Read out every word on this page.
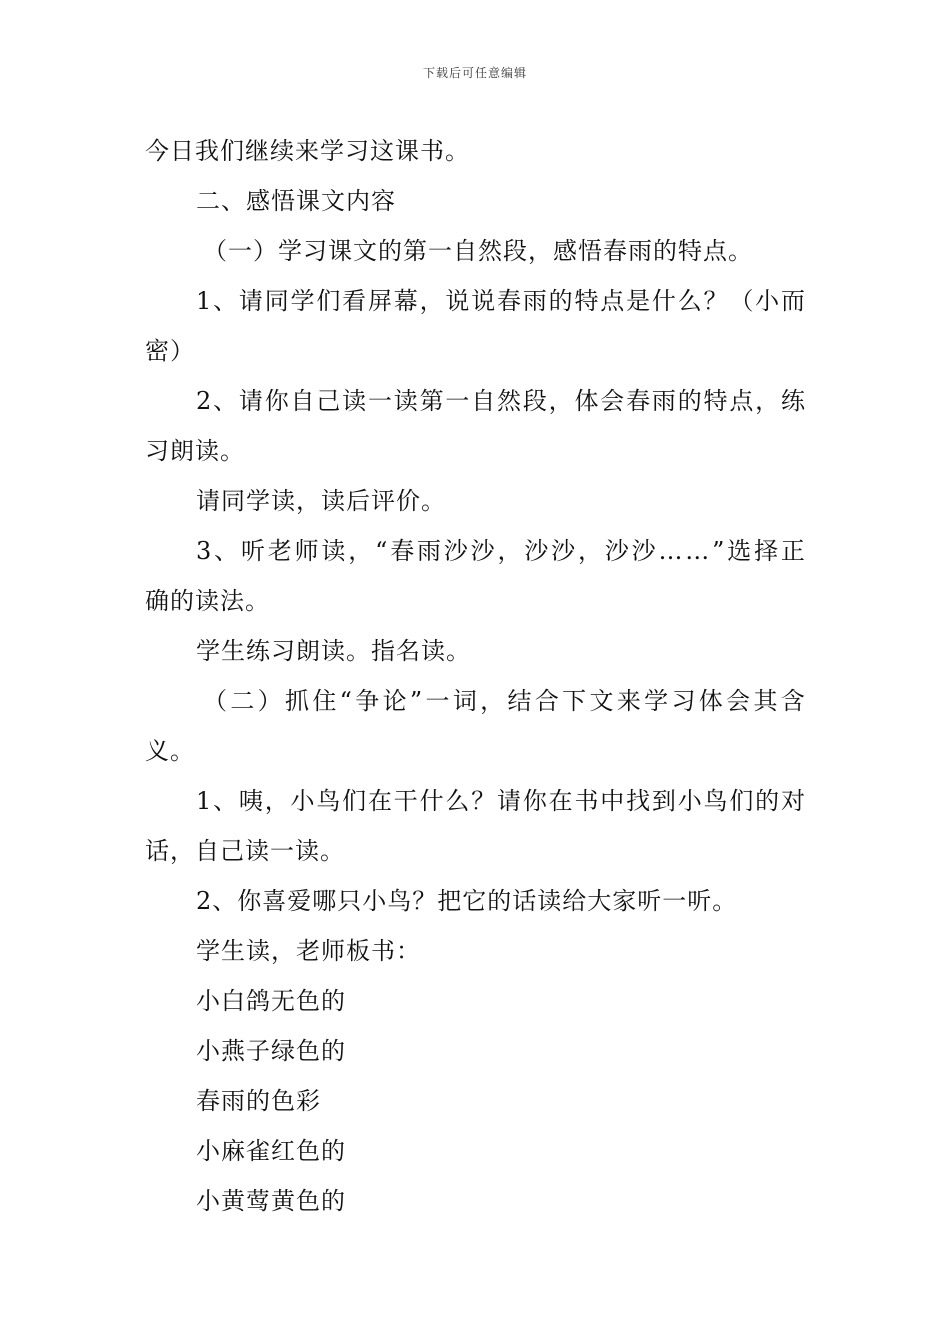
下载后可任意编辑
今日我们继续来学习这课书。
二、感悟课文内容
（一）学习课文的第一自然段，感悟春雨的特点。
1 、 请 同 学 们 看 屏 幕 ， 说 说 春 雨 的 特 点 是 什 么 ？ （ 小 而
密）
2 、 请 你 自 己 读 一 读 第 一 自 然 段 ， 体 会 春 雨 的 特 点 ， 练
习朗读。
请同学读，读后评价。
3 、 听 老 师 读 ， “ 春 雨 沙 沙 ， 沙 沙 ， 沙 沙 … … ” 选 择 正
确的读法。
学生练习朗读。指名读。
（ 二 ） 抓 住 “ 争 论 ” 一 词 ， 结 合 下 文 来 学 习 体 会 其 含
义。
1 、 咦 ， 小 鸟 们 在 干 什 么 ？ 请 你 在 书 中 找 到 小 鸟 们 的 对
话，自己读一读。
2、你喜爱哪只小鸟？把它的话读给大家听一听。
学生读，老师板书：
小白鸽无色的
小燕子绿色的
春雨的色彩
小麻雀红色的
小黄莺黄色的
